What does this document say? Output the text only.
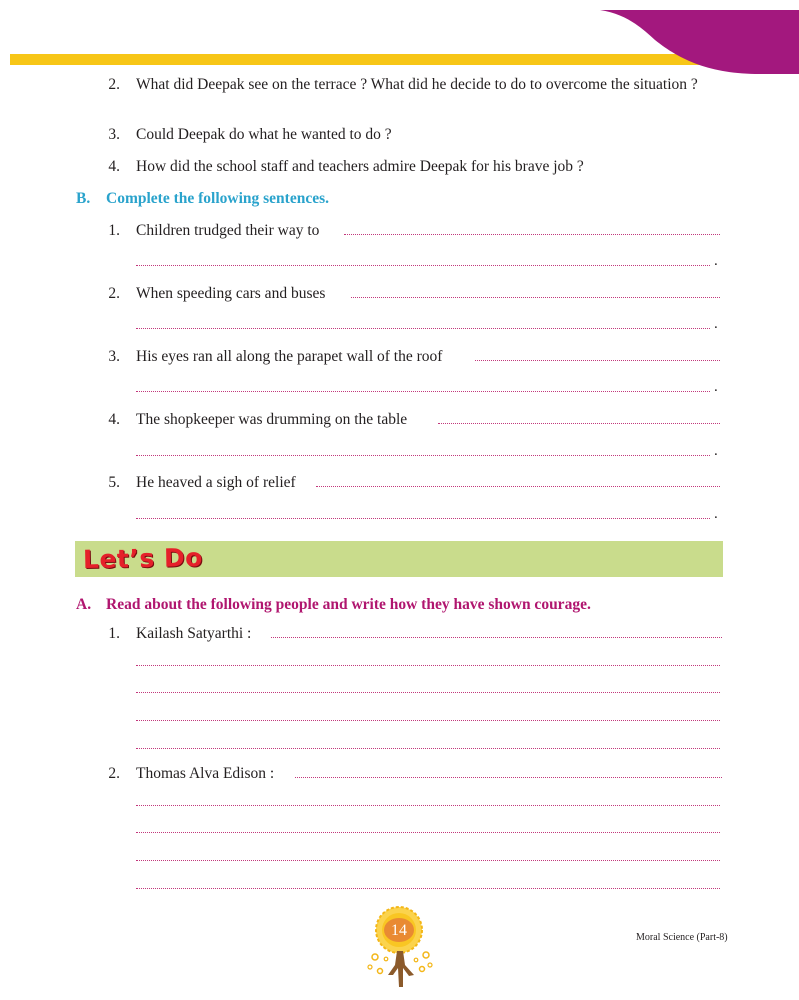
2. What did Deepak see on the terrace ? What did he decide to do to overcome the situation ?
3. Could Deepak do what he wanted to do ?
4. How did the school staff and teachers admire Deepak for his brave job ?
B. Complete the following sentences.
1. Children trudged their way to
.
2. When speeding cars and buses
.
3. His eyes ran all along the parapet wall of the roof
.
4. The shopkeeper was drumming on the table
.
5. He heaved a sigh of relief
.
Let’s Do
A. Read about the following people and write how they have shown courage.
1. Kailash Satyarthi :
2. Thomas Alva Edison :
14	Moral Science (Part-8)
